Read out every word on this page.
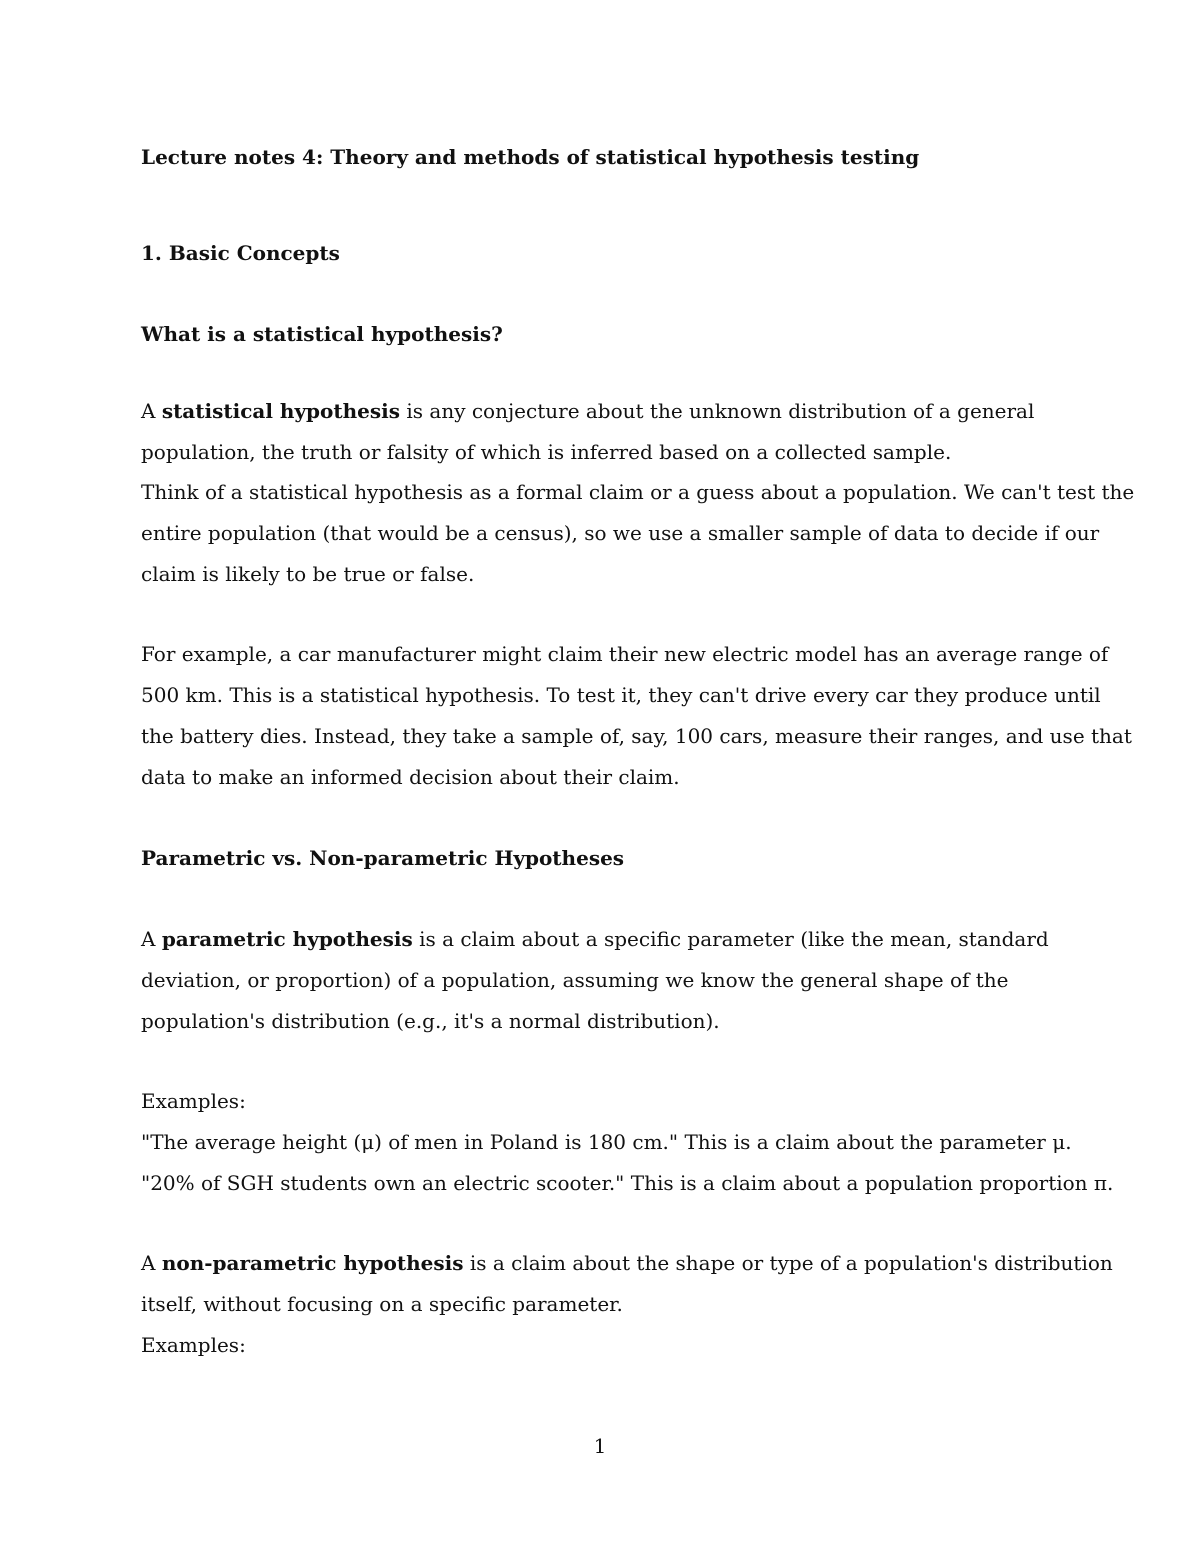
Lecture notes 4: Theory and methods of statistical hypothesis testing
1. Basic Concepts
What is a statistical hypothesis?
A statistical hypothesis is any conjecture about the unknown distribution of a general
population, the truth or falsity of which is inferred based on a collected sample.
Think of a statistical hypothesis as a formal claim or a guess about a population. We can't test the
entire population (that would be a census), so we use a smaller sample of data to decide if our
claim is likely to be true or false.
For example, a car manufacturer might claim their new electric model has an average range of
500 km. This is a statistical hypothesis. To test it, they can't drive every car they produce until
the battery dies. Instead, they take a sample of, say, 100 cars, measure their ranges, and use that
data to make an informed decision about their claim.
Parametric vs. Non-parametric Hypotheses
A parametric hypothesis is a claim about a specific parameter (like the mean, standard
deviation, or proportion) of a population, assuming we know the general shape of the
population's distribution (e.g., it's a normal distribution).
Examples:
"The average height (μ) of men in Poland is 180 cm." This is a claim about the parameter μ.
"20% of SGH students own an electric scooter." This is a claim about a population proportion π.
A non-parametric hypothesis is a claim about the shape or type of a population's distribution
itself, without focusing on a specific parameter.
Examples:
1
